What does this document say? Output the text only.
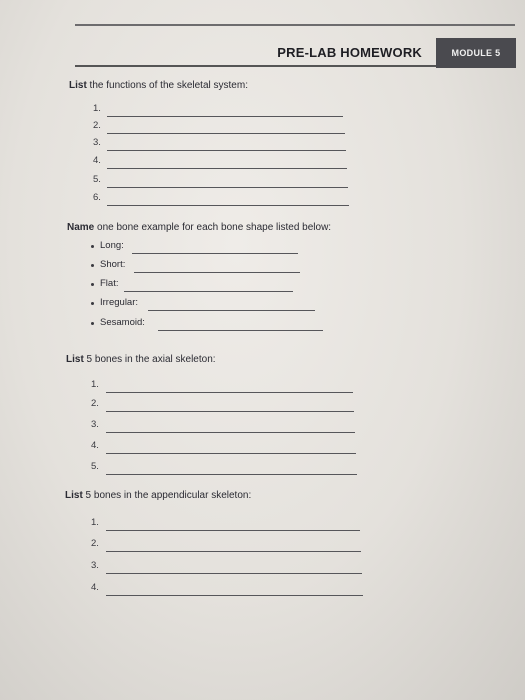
PRE-LAB HOMEWORK	MODULE 5
List the functions of the skeletal system:
1.
2.
3.
4.
5.
6.
Name one bone example for each bone shape listed below:
Long:
Short:
Flat:
Irregular:
Sesamoid:
List 5 bones in the axial skeleton:
1.
2.
3.
4.
5.
List 5 bones in the appendicular skeleton:
1.
2.
3.
4.
